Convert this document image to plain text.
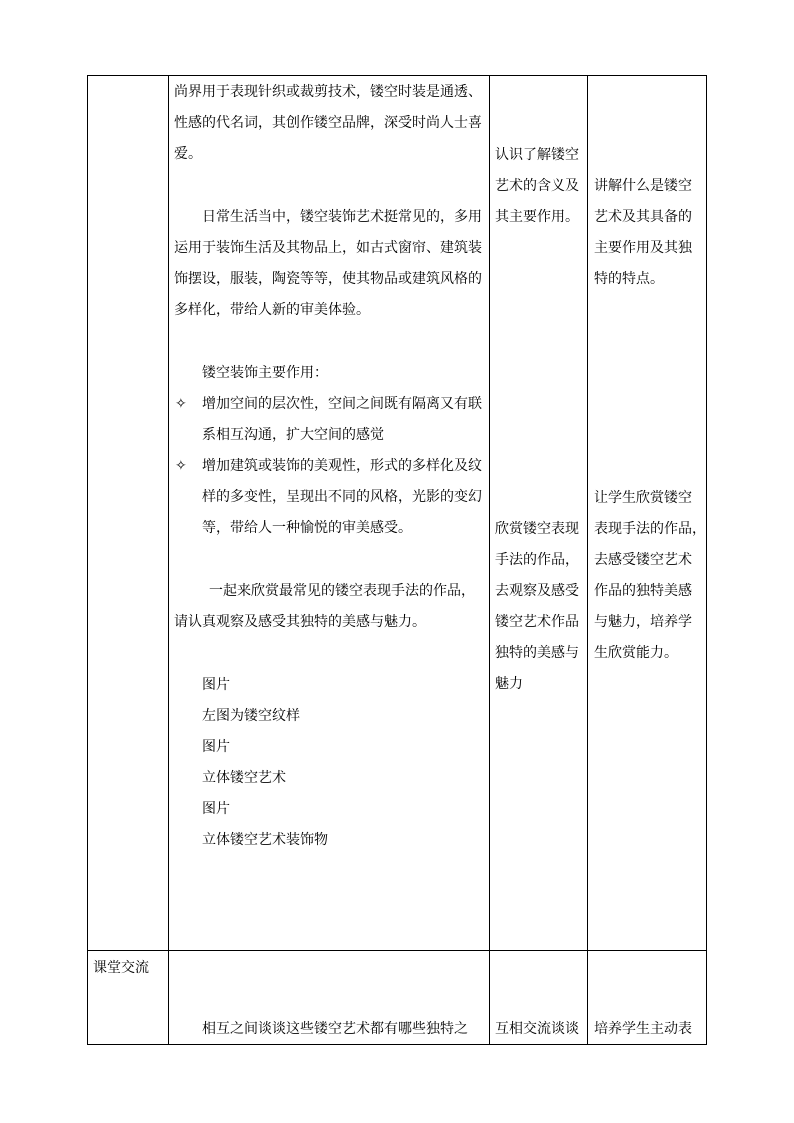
尚界用于表现针织或裁剪技术，镂空时装是通透、
性感的代名词，其创作镂空品牌，深受时尚人士喜
爱。
日常生活当中，镂空装饰艺术挺常见的，多用
运用于装饰生活及其物品上，如古式窗帘、建筑装
饰摆设，服装，陶瓷等等，使其物品或建筑风格的
多样化，带给人新的审美体验。
镂空装饰主要作用：
✧ 增加空间的层次性，空间之间既有隔离又有联
系相互沟通，扩大空间的感觉
✧ 增加建筑或装饰的美观性，形式的多样化及纹
样的多变性，呈现出不同的风格，光影的变幻
等，带给人一种愉悦的审美感受。
一起来欣赏最常见的镂空表现手法的作品，
请认真观察及感受其独特的美感与魅力。
图片
左图为镂空纹样
图片
立体镂空艺术
图片
立体镂空艺术装饰物
认识了解镂空
艺术的含义及
其主要作用。
欣赏镂空表现
手法的作品，
去观察及感受
镂空艺术作品
独特的美感与
魅力
讲解什么是镂空
艺术及其具备的
主要作用及其独
特的特点。
让学生欣赏镂空
表现手法的作品，
去感受镂空艺术
作品的独特美感
与魅力，培养学
生欣赏能力。
课堂交流
相互之间谈谈这些镂空艺术都有哪些独特之 互相交流谈谈 培养学生主动表
